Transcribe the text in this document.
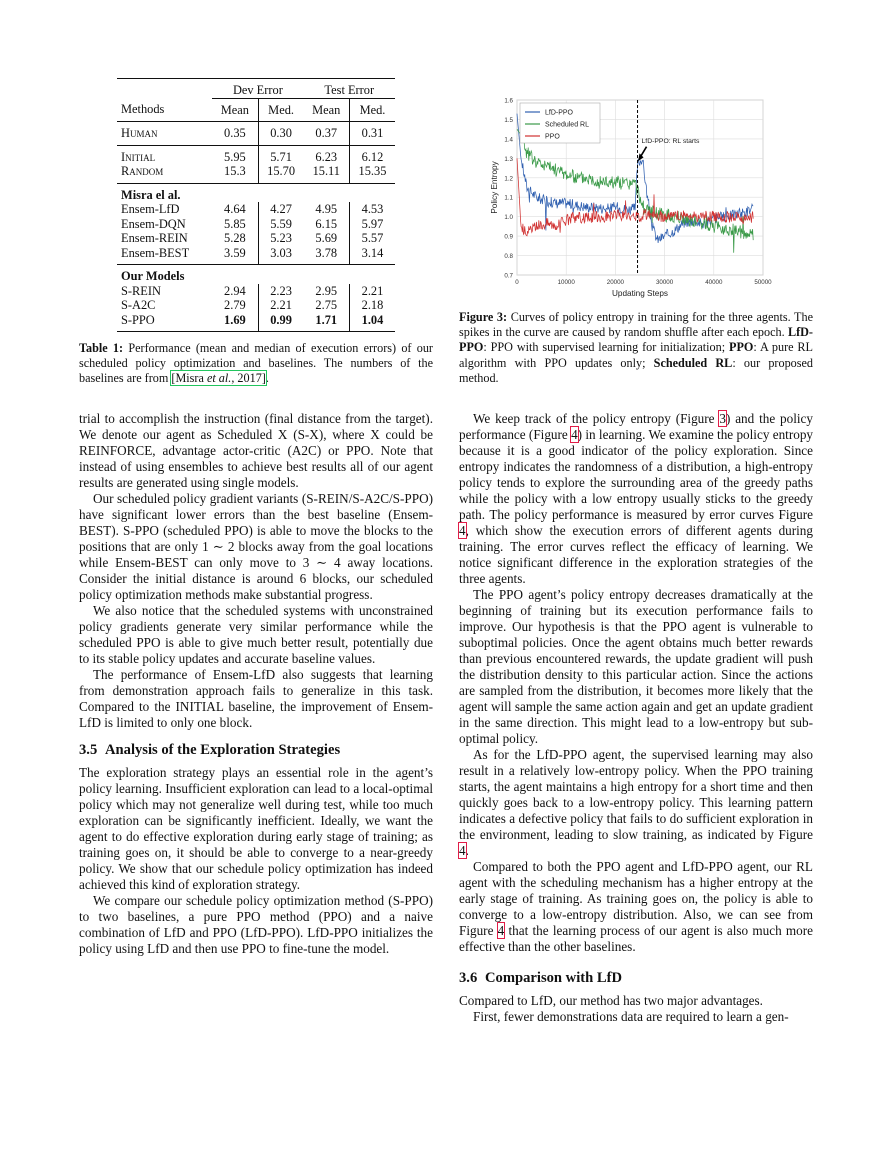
	Dev Error		Test Error	
Methods	Mean	Med.	Mean	Med.
Human	0.35	0.30	0.37	0.31
Initial	5.95	5.71	6.23	6.12
Random	15.3	15.70	15.11	15.35
Misra el al.				
Ensem-LfD	4.64	4.27	4.95	4.53
Ensem-DQN	5.85	5.59	6.15	5.97
Ensem-REIN	5.28	5.23	5.69	5.57
Ensem-BEST	3.59	3.03	3.78	3.14
Our Models				
S-REIN	2.94	2.23	2.95	2.21
S-A2C	2.79	2.21	2.75	2.18
S-PPO	1.69	0.99	1.71	1.04
Table 1: Performance (mean and median of execution errors) of our scheduled policy optimization and baselines. The numbers of the baselines are from [Misra et al., 2017].
0.7
0.8
0.9
1.0
1.1
1.2
1.3
1.4
1.5
1.6
0	10000	20000	30000	40000	50000
Updating Steps
Policy Entropy
LfD-PPO: RL starts
LfD-PPO
Scheduled RL
PPO
Figure 3: Curves of policy entropy in training for the three agents. The spikes in the curve are caused by random shuffle after each epoch. LfD-PPO: PPO with supervised learning for initialization; PPO: A pure RL algorithm with PPO updates only; Scheduled RL: our proposed method.

trial to accomplish the instruction (final distance from the target). We denote our agent as Scheduled X (S-X), where X could be REINFORCE, advantage actor-critic (A2C) or PPO. Note that instead of using ensembles to achieve best results all of our agent results are generated using single models.

Our scheduled policy gradient variants (S-REIN/S-A2C/S-PPO) have significant lower errors than the best baseline (Ensem-BEST). S-PPO (scheduled PPO) is able to move the blocks to the positions that are only 1 ∼ 2 blocks away from the goal locations while Ensem-BEST can only move to 3 ∼ 4 away locations. Consider the initial distance is around 6 blocks, our scheduled policy optimization methods make substantial progress.

We also notice that the scheduled systems with unconstrained policy gradients generate very similar performance while the scheduled PPO is able to give much better result, potentially due to its stable policy updates and accurate baseline values.

The performance of Ensem-LfD also suggests that learning from demonstration approach fails to generalize in this task. Compared to the INITIAL baseline, the improvement of Ensem-LfD is limited to only one block.

3.5 Analysis of the Exploration Strategies

The exploration strategy plays an essential role in the agent’s policy learning. Insufficient exploration can lead to a local-optimal policy which may not generalize well during test, while too much exploration can be significantly inefficient. Ideally, we want the agent to do effective exploration during early stage of training; as training goes on, it should be able to converge to a near-greedy policy. We show that our schedule policy optimization has indeed achieved this kind of exploration strategy.

We compare our schedule policy optimization method (S-PPO) to two baselines, a pure PPO method (PPO) and a naive combination of LfD and PPO (LfD-PPO). LfD-PPO initializes the policy using LfD and then use PPO to fine-tune the model.

We keep track of the policy entropy (Figure 3) and the policy performance (Figure 4) in learning. We examine the policy entropy because it is a good indicator of the policy exploration. Since entropy indicates the randomness of a distribution, a high-entropy policy tends to explore the surrounding area of the greedy paths while the policy with a low entropy usually sticks to the greedy path. The policy performance is measured by error curves Figure 4, which show the execution errors of different agents during training. The error curves reflect the efficacy of learning. We notice significant difference in the exploration strategies of the three agents.

The PPO agent’s policy entropy decreases dramatically at the beginning of training but its execution performance fails to improve. Our hypothesis is that the PPO agent is vulnerable to suboptimal policies. Once the agent obtains much better rewards than previous encountered rewards, the update gradient will push the distribution density to this particular action. Since the actions are sampled from the distribution, it becomes more likely that the agent will sample the same action again and get an update gradient in the same direction. This might lead to a low-entropy but sub-optimal policy.

As for the LfD-PPO agent, the supervised learning may also result in a relatively low-entropy policy. When the PPO training starts, the agent maintains a high entropy for a short time and then quickly goes back to a low-entropy policy. This learning pattern indicates a defective policy that fails to do sufficient exploration in the environment, leading to slow training, as indicated by Figure 4.

Compared to both the PPO agent and LfD-PPO agent, our RL agent with the scheduling mechanism has a higher entropy at the early stage of training. As training goes on, the policy is able to converge to a low-entropy distribution. Also, we can see from Figure 4 that the learning process of our agent is also much more effective than the other baselines.

3.6 Comparison with LfD

Compared to LfD, our method has two major advantages.

First, fewer demonstrations data are required to learn a gen-
